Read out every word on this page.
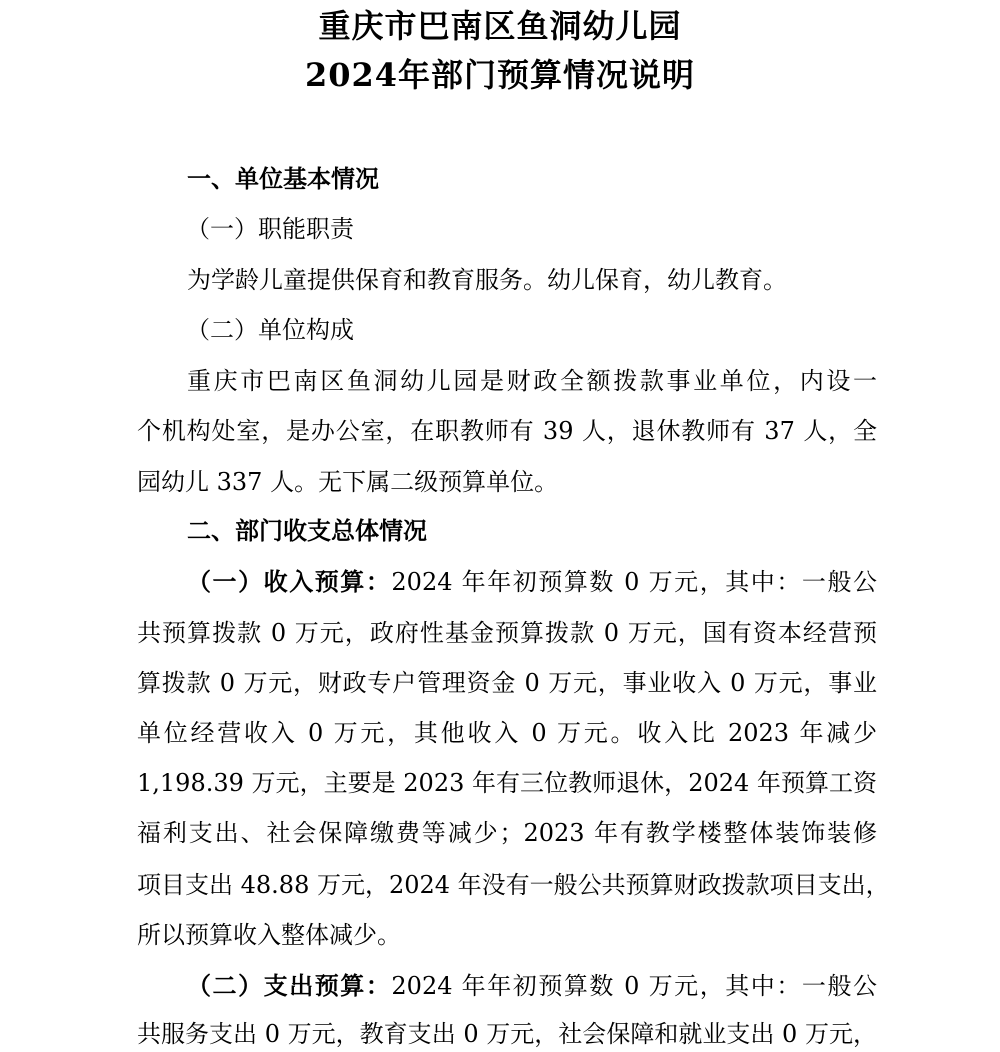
重庆市巴南区鱼洞幼儿园
2024年部门预算情况说明
一、单位基本情况
（一）职能职责
为学龄儿童提供保育和教育服务。幼儿保育，幼儿教育。
（二）单位构成
重庆市巴南区鱼洞幼儿园是财政全额拨款事业单位，内设一
个机构处室，是办公室，在职教师有 39 人，退休教师有 37 人，全
园幼儿 337 人。无下属二级预算单位。
二、部门收支总体情况
（一）收入预算：2024 年年初预算数 0 万元，其中：一般公
共预算拨款 0 万元，政府性基金预算拨款 0 万元，国有资本经营预
算拨款 0 万元，财政专户管理资金 0 万元，事业收入 0 万元，事业
单位经营收入 0 万元，其他收入 0 万元。收入比 2023 年减少
1,198.39 万元，主要是 2023 年有三位教师退休，2024 年预算工资
福利支出、社会保障缴费等减少；2023 年有教学楼整体装饰装修
项目支出 48.88 万元，2024 年没有一般公共预算财政拨款项目支出，
所以预算收入整体减少。
（二）支出预算：2024 年年初预算数 0 万元，其中：一般公
共服务支出 0 万元，教育支出 0 万元，社会保障和就业支出 0 万元，
